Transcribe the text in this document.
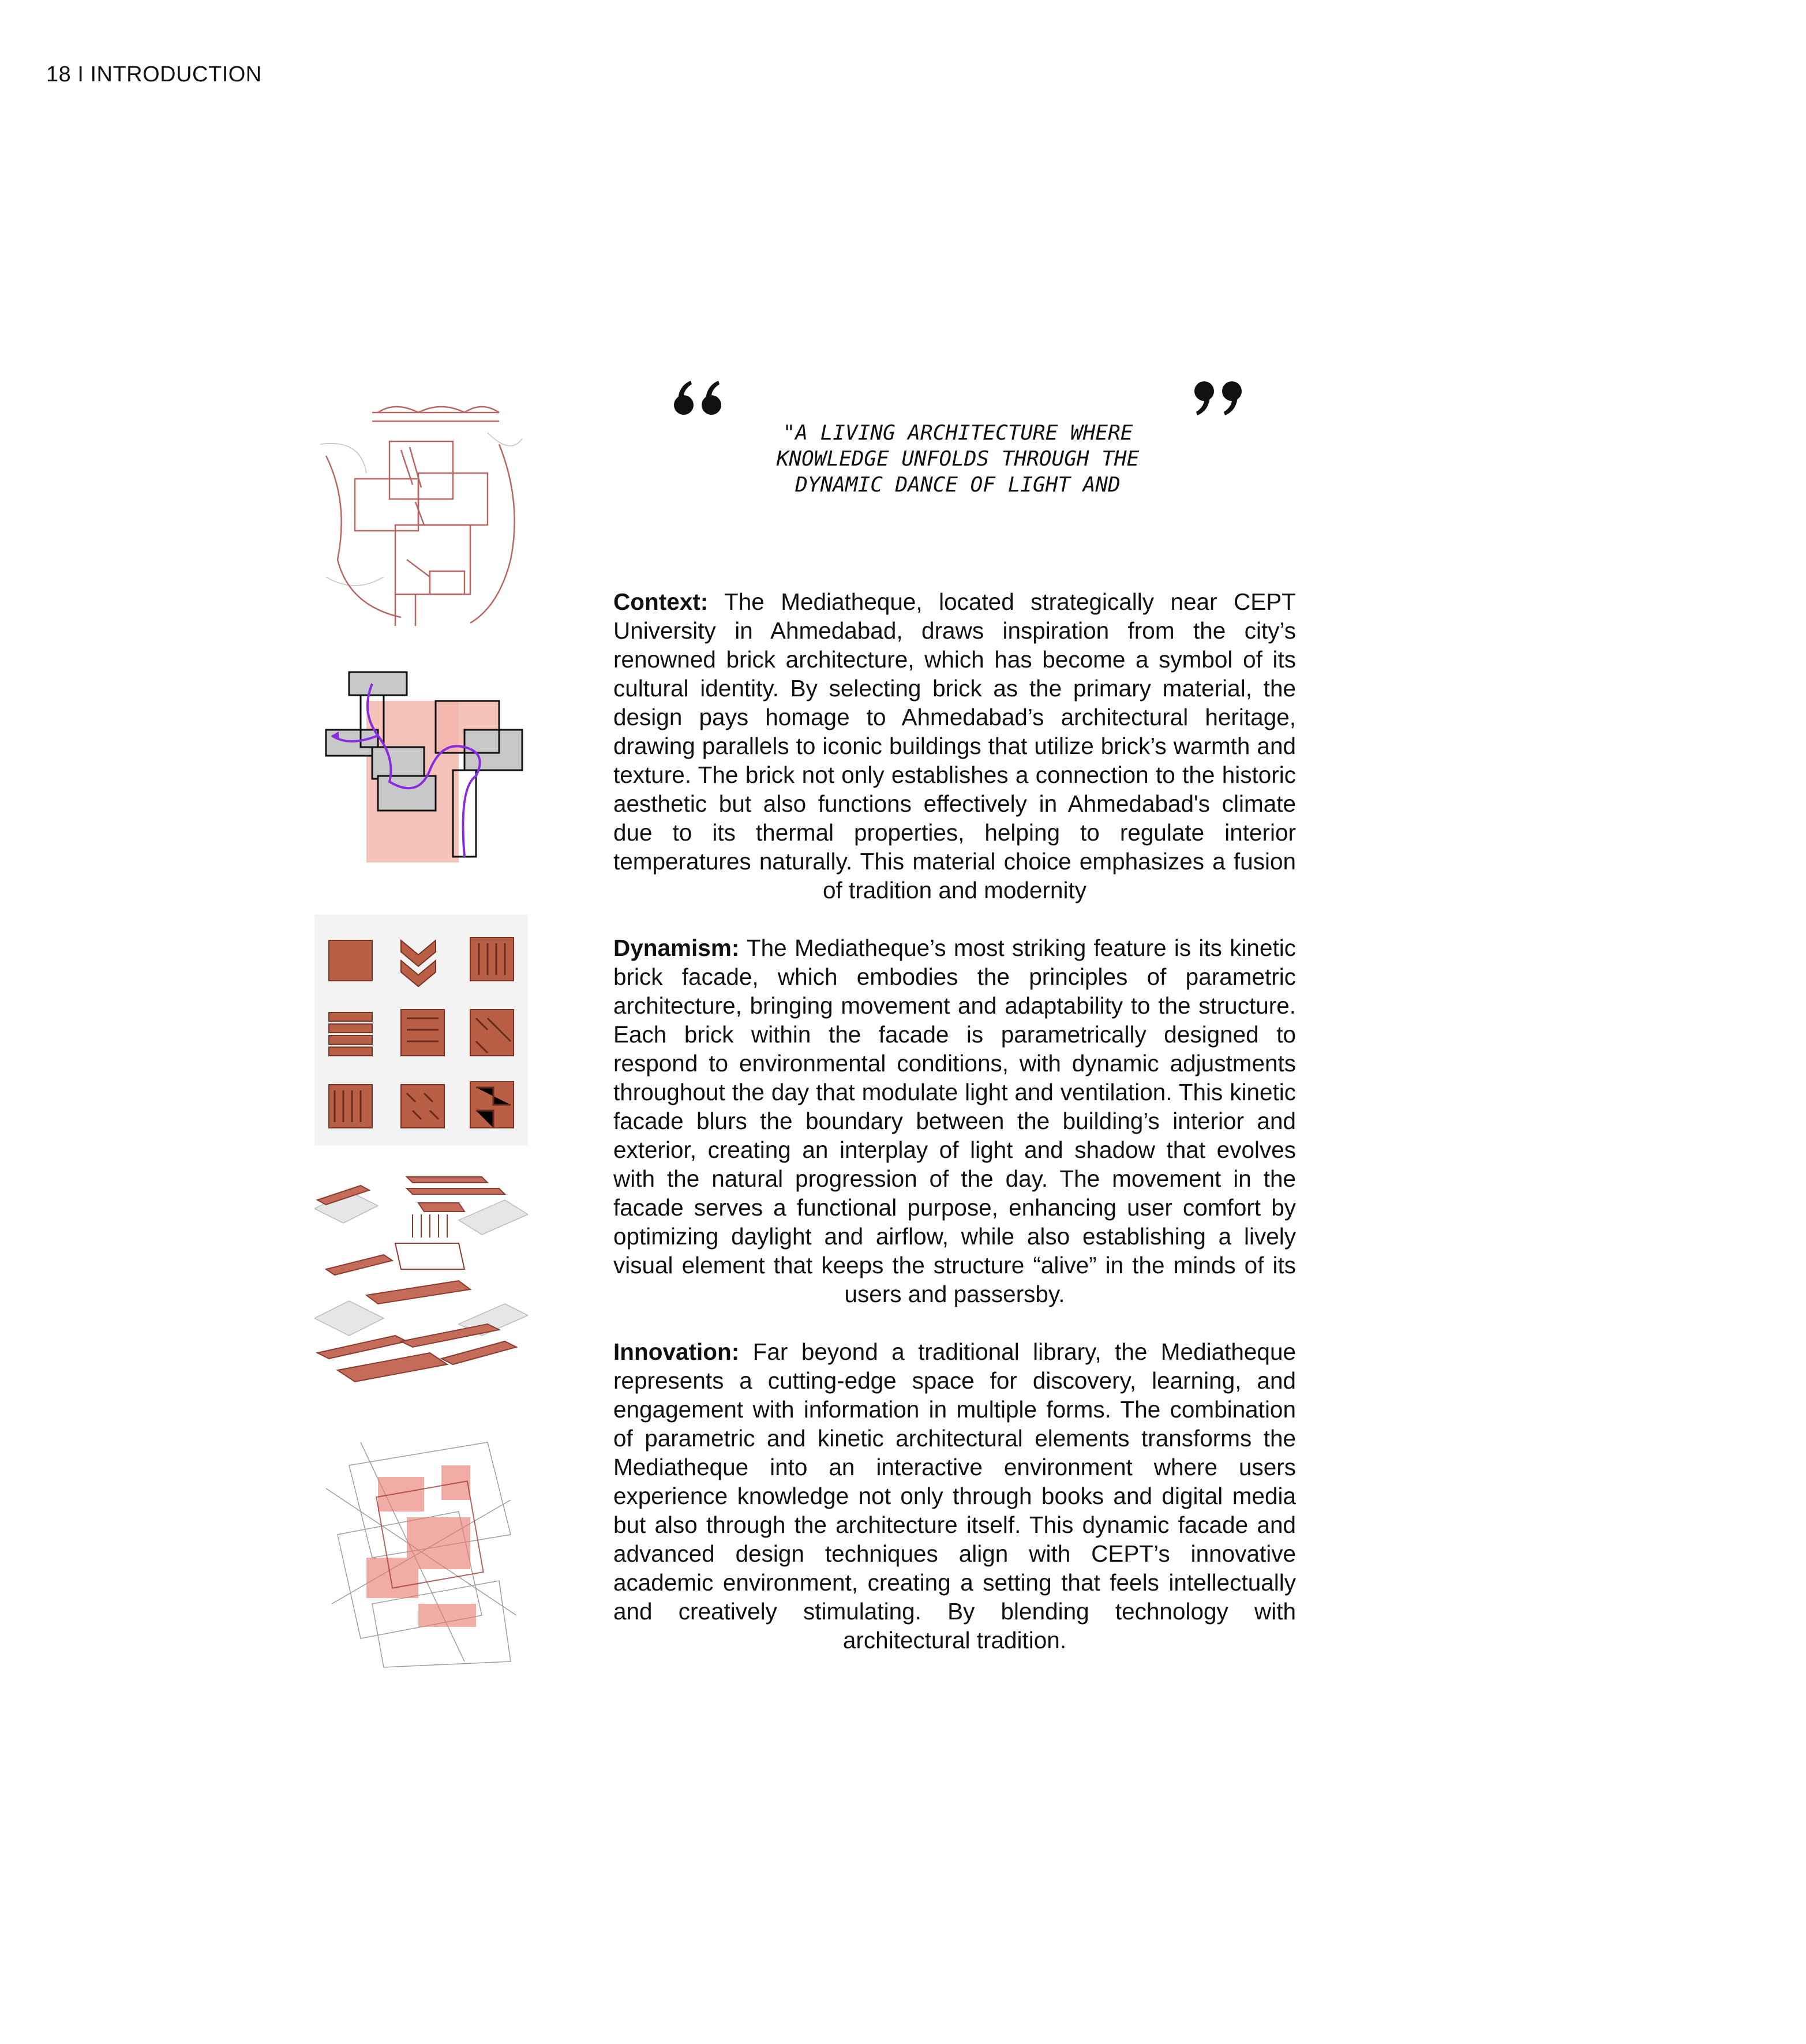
18 I INTRODUCTION
"A LIVING ARCHITECTURE WHERE
KNOWLEDGE UNFOLDS THROUGH THE
DYNAMIC DANCE OF LIGHT AND

Context: The Mediatheque, located strategically near CEPT University in Ahmedabad, draws inspiration from the city’s renowned brick architecture, which has become a symbol of its cultural identity. By selecting brick as the primary material, the design pays homage to Ahmedabad’s architectural heritage, drawing parallels to iconic buildings that utilize brick’s warmth and texture. The brick not only establishes a connection to the historic aesthetic but also functions effectively in Ahmedabad's climate due to its thermal properties, helping to regulate interior temperatures naturally. This material choice emphasizes a fusion of tradition and modernity

Dynamism: The Mediatheque’s most striking feature is its kinetic brick facade, which embodies the principles of parametric architecture, bringing movement and adaptability to the structure. Each brick within the facade is parametrically designed to respond to environmental conditions, with dynamic adjustments throughout the day that modulate light and ventilation. This kinetic facade blurs the boundary between the building’s interior and exterior, creating an interplay of light and shadow that evolves with the natural progression of the day. The movement in the facade serves a functional purpose, enhancing user comfort by optimizing daylight and airflow, while also establishing a lively visual element that keeps the structure “alive” in the minds of its users and passersby.

Innovation: Far beyond a traditional library, the Mediatheque represents a cutting-edge space for discovery, learning, and engagement with information in multiple forms. The combination of parametric and kinetic architectural elements transforms the Mediatheque into an interactive environment where users experience knowledge not only through books and digital media but also through the architecture itself. This dynamic facade and advanced design techniques align with CEPT’s innovative academic environment, creating a setting that feels intellectually and creatively stimulating. By blending technology with architectural tradition.
